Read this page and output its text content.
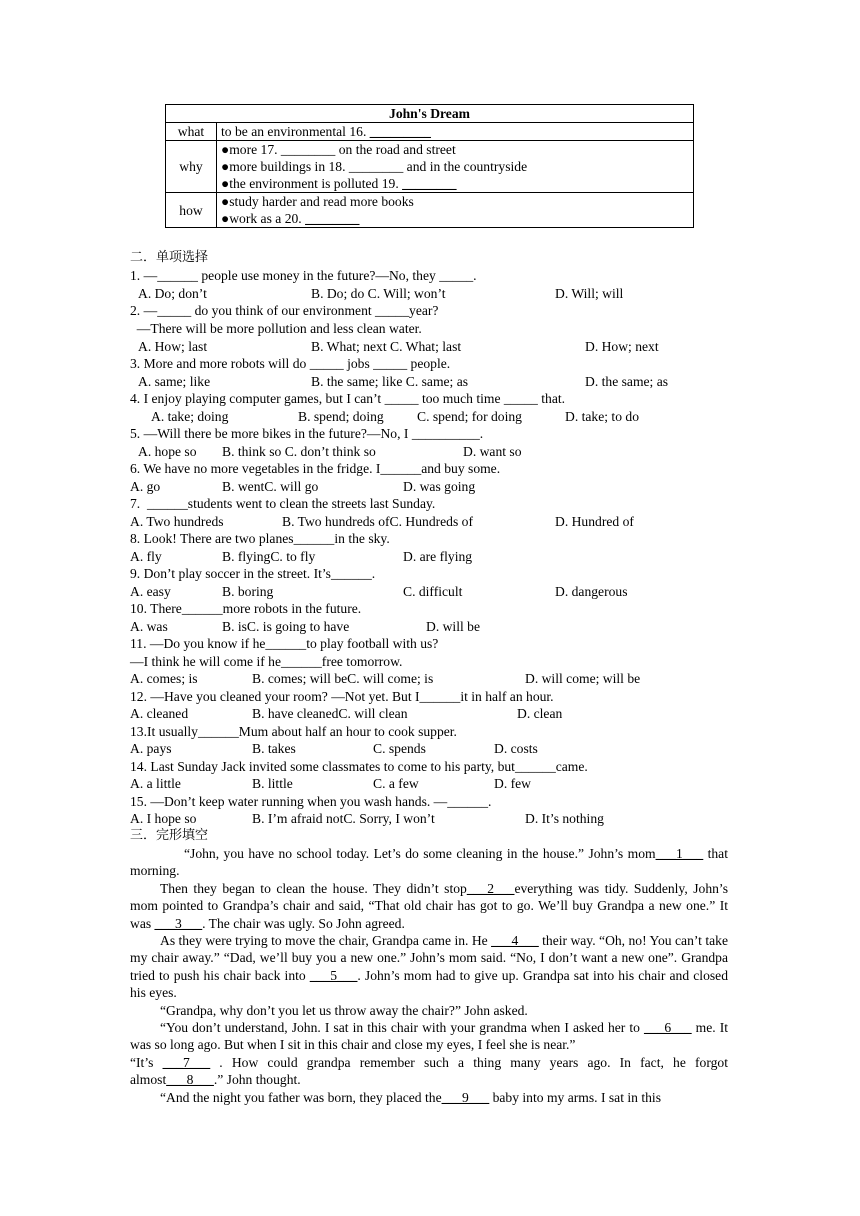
John's Dream	
what	to be an environmental 16. _________
why	●more 17. ________ on the road and street
●more buildings in 18. ________ and in the countryside
●the environment is polluted 19. ________

how	●study harder and read more books
●work as a 20. ________
二．单项选择
1. —______ people use money in the future?—No, they _____.
A. Do; don’t	B. Do; do C. Will; won’t	D. Will; will
2. —_____ do you think of our environment _____year?
—There will be more pollution and less clean water.
A. How; last	B. What; next C. What; last	D. How; next
3. More and more robots will do _____ jobs _____ people.
A. same; like	B. the same; like C. same; as	D. the same; as
4. I enjoy playing computer games, but I can’t _____ too much time _____ that.
A. take; doing	B. spend; doing C. spend; for doing	D. take; to do
5. —Will there be more bikes in the future?—No, I __________.
A. hope so B. think so C. don’t think so	D. want so
6. We have no more vegetables in the fridge. I______and buy some.
A. go	B. wentC. will go	D. was going
7.  ______students went to clean the streets last Sunday.
A. Two hundreds	B. Two hundreds ofC. Hundreds of	D. Hundred of
8. Look! There are two planes______in the sky.
A. fly	B. flyingC. to fly	D. are flying
9. Don’t play soccer in the street. It’s______.
A. easy	B. boring	C. difficult	D. dangerous
10. There______more robots in the future.
A. was	B. isC. is going to have	D. will be
11. —Do you know if he______to play football with us?
—I think he will come if he______free tomorrow.
A. comes; is	B. comes; will beC. will come; is	D. will come; will be
12. —Have you cleaned your room? —Not yet. But I______it in half an hour.
A. cleaned	B. have cleanedC. will clean	D. clean
13.It usually______Mum about half an hour to cook supper.
A. pays	B. takes	C. spends	D. costs
14. Last Sunday Jack invited some classmates to come to his party, but______came.
A. a little	B. little	C. a few	D. few
15. —Don’t keep water running when you wash hands. —______.
A. I hope so	B. I’m afraid notC. Sorry, I won’t	D. It’s nothing
三．完形填空
“John, you have no school today. Let’s do some cleaning in the house.” John’s mom___1___ that morning.
Then they began to clean the house. They didn’t stop___2___everything was tidy. Suddenly, John’s mom pointed to Grandpa’s chair and said, “That old chair has got to go. We’ll buy Grandpa a new one.” It was ___3___. The chair was ugly. So John agreed.
As they were trying to move the chair, Grandpa came in. He ___4___ their way. “Oh, no! You can’t take my chair away.” “Dad, we’ll buy you a new one.” John’s mom said. “No, I don’t want a new one”. Grandpa tried to push his chair back into ___5___. John’s mom had to give up. Grandpa sat into his chair and closed his eyes.
“Grandpa, why don’t you let us throw away the chair?” John asked.
“You don’t understand, John. I sat in this chair with your grandma when I asked her to ___6___ me. It was so long ago. But when I sit in this chair and close my eyes, I feel she is near.”
“It’s ___7___ . How could grandpa remember such a thing many years ago. In fact, he forgot almost___8___.” John thought.
“And the night you father was born, they placed the___9___ baby into my arms. I sat in this
